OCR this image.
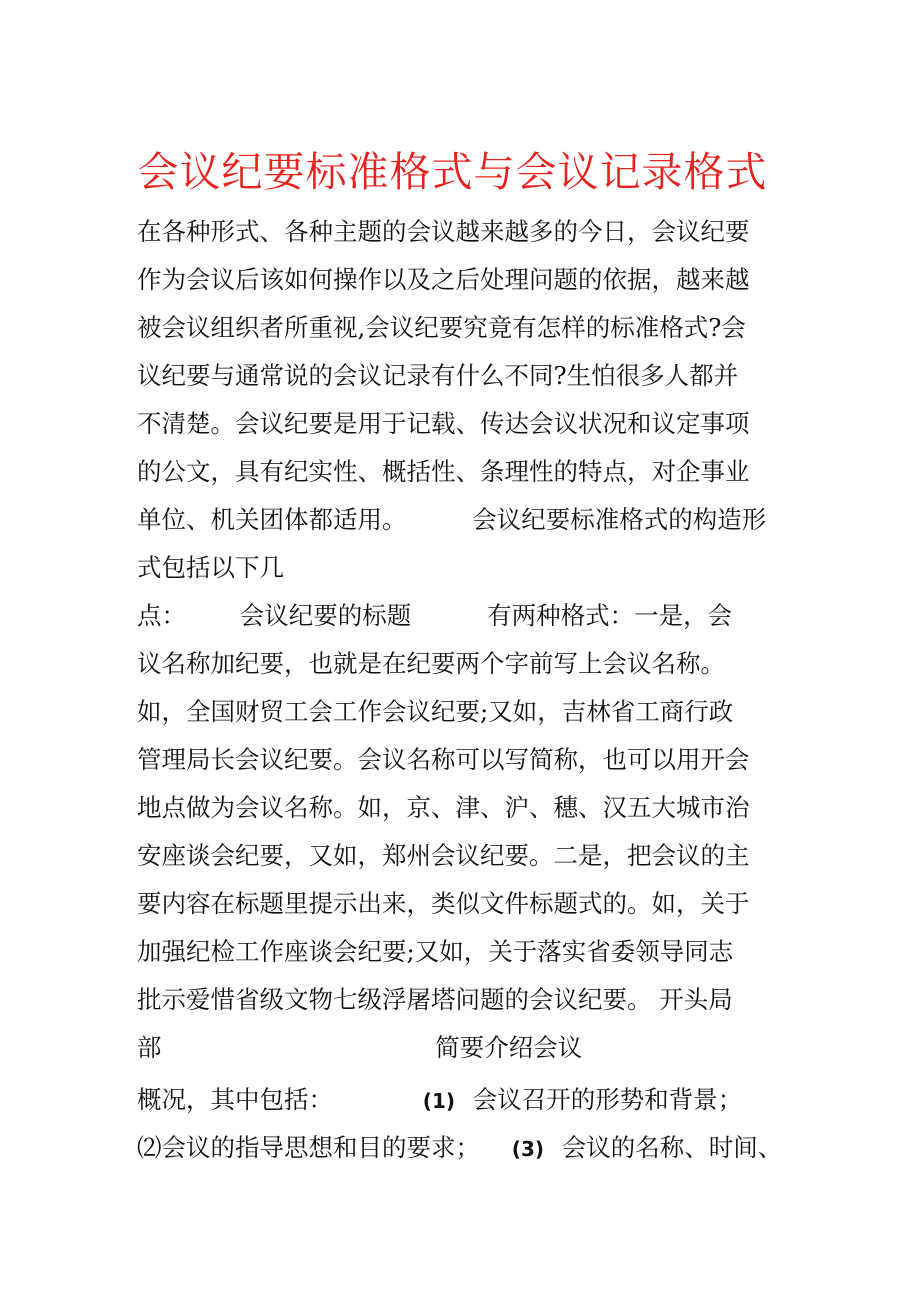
会议纪要标准格式与会议记录格式
在各种形式、各种主题的会议越来越多的今日，会议纪要
作为会议后该如何操作以及之后处理问题的依据，越来越
被会议组织者所重视,会议纪要究竟有怎样的标准格式?会
议纪要与通常说的会议记录有什么不同?生怕很多人都并
不清楚。会议纪要是用于记载、传达会议状况和议定事项
的公文，具有纪实性、概括性、条理性的特点，对企事业
单位、机关团体都适用。	会议纪要标准格式的构造形
式包括以下几
点： 会议纪要的标题	有两种格式：一是，会
议名称加纪要，也就是在纪要两个字前写上会议名称。
如，全国财贸工会工作会议纪要;又如，吉林省工商行政
管理局长会议纪要。会议名称可以写简称，也可以用开会
地点做为会议名称。如，京、津、沪、穗、汉五大城市治
安座谈会纪要，又如，郑州会议纪要。二是，把会议的主
要内容在标题里提示出来，类似文件标题式的。如，关于
加强纪检工作座谈会纪要;又如，关于落实省委领导同志
批示爱惜省级文物七级浮屠塔问题的会议纪要。 开头局
部	简要介绍会议
概况，其中包括：	(1) 会议召开的形势和背景；
⑵会议的指导思想和目的要求； (3) 会议的名称、时间、
